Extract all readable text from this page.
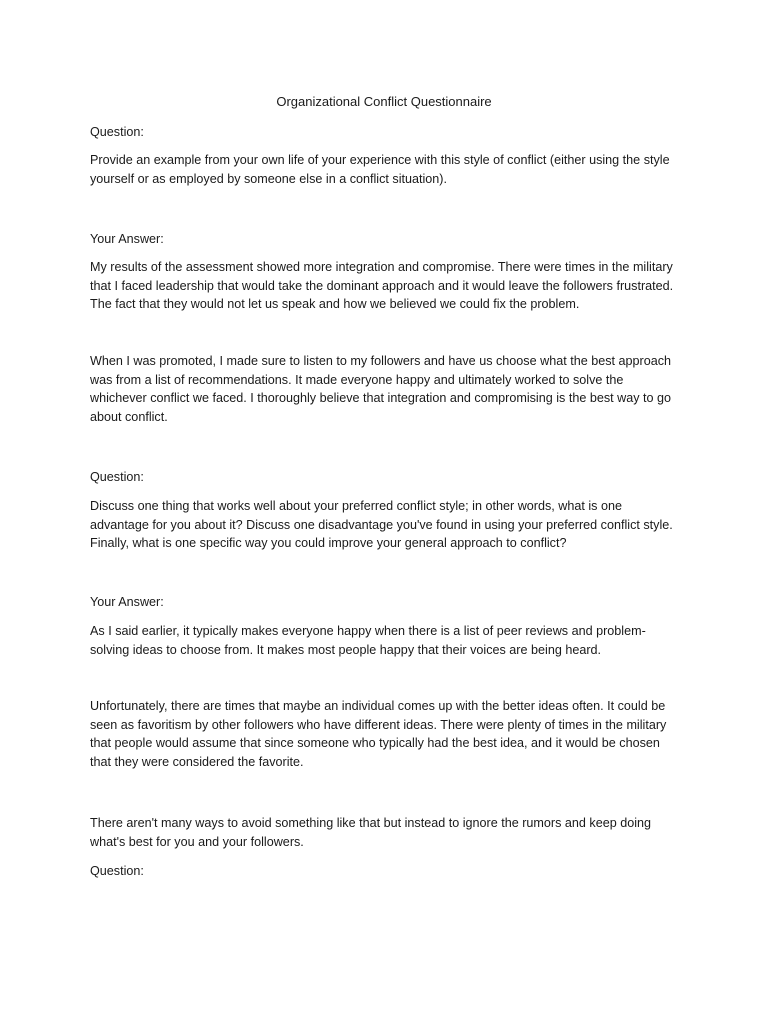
Organizational Conflict Questionnaire
Question:
Provide an example from your own life of your experience with this style of conflict (either using the style yourself or as employed by someone else in a conflict situation).
Your Answer:
My results of the assessment showed more integration and compromise. There were times in the military that I faced leadership that would take the dominant approach and it would leave the followers frustrated. The fact that they would not let us speak and how we believed we could fix the problem.
When I was promoted, I made sure to listen to my followers and have us choose what the best approach was from a list of recommendations. It made everyone happy and ultimately worked to solve the whichever conflict we faced. I thoroughly believe that integration and compromising is the best way to go about conflict.
Question:
Discuss one thing that works well about your preferred conflict style; in other words, what is one advantage for you about it? Discuss one disadvantage you've found in using your preferred conflict style. Finally, what is one specific way you could improve your general approach to conflict?
Your Answer:
As I said earlier, it typically makes everyone happy when there is a list of peer reviews and problem-solving ideas to choose from. It makes most people happy that their voices are being heard.
Unfortunately, there are times that maybe an individual comes up with the better ideas often. It could be seen as favoritism by other followers who have different ideas. There were plenty of times in the military that people would assume that since someone who typically had the best idea, and it would be chosen that they were considered the favorite.
There aren't many ways to avoid something like that but instead to ignore the rumors and keep doing what's best for you and your followers.
Question:
